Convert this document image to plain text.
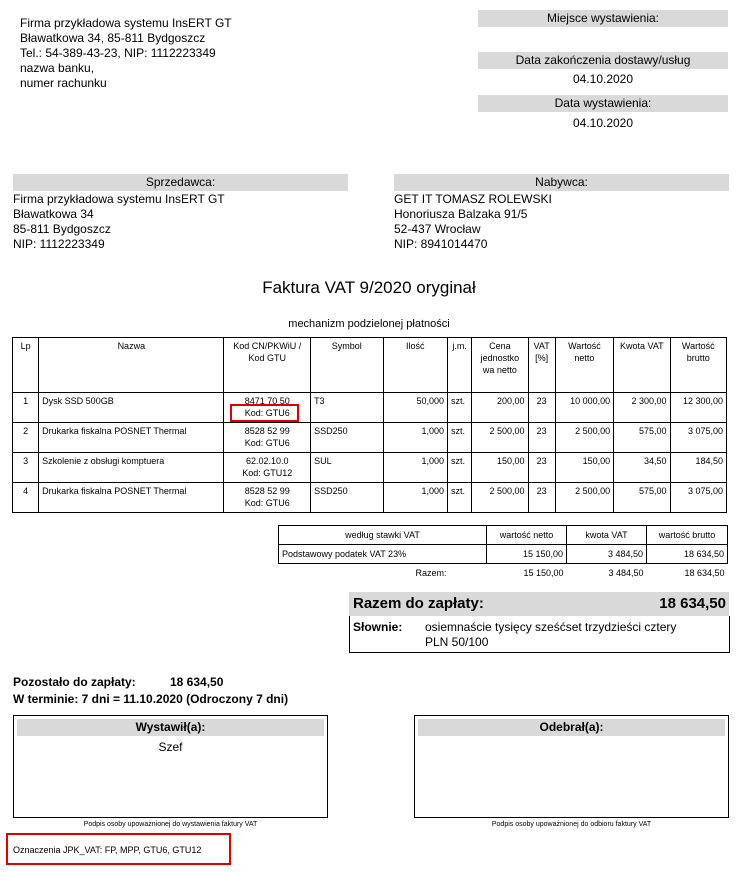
Firma przykładowa systemu InsERT GT
Bławatkowa 34, 85-811 Bydgoszcz
Tel.: 54-389-43-23, NIP: 1112223349
nazwa banku,
numer rachunku
Miejsce wystawienia:
Data zakończenia dostawy/usług
04.10.2020
Data wystawienia:
04.10.2020
Sprzedawca:
Firma przykładowa systemu InsERT GT
Bławatkowa 34
85-811 Bydgoszcz
NIP: 1112223349
Nabywca:
GET IT TOMASZ ROLEWSKI
Honoriusza Balzaka 91/5
52-437 Wrocław
NIP: 8941014470
Faktura VAT 9/2020 oryginał
mechanizm podzielonej płatności
Lp	Nazwa	Kod CN/PKWiU / Kod GTU	Symbol	Ilość	j.m.	Cena jednostko wa netto	VAT [%]	Wartość netto	Kwota VAT	Wartość brutto
1	Dysk SSD 500GB	8471 70 50
Kod: GTU6	T3	50,000	szt.	200,00	23	10 000,00	2 300,00	12 300,00
2	Drukarka fiskalna POSNET Thermal	8528 52 99
Kod: GTU6	SSD250	1,000	szt.	2 500,00	23	2 500,00	575,00	3 075,00
3	Szkolenie z obsługi komptuera	62.02.10.0
Kod: GTU12	SUL	1,000	szt.	150,00	23	150,00	34,50	184,50
4	Drukarka fiskalna POSNET Thermal	8528 52 99
Kod: GTU6	SSD250	1,000	szt.	2 500,00	23	2 500,00	575,00	3 075,00
według stawki VAT	wartość netto	kwota VAT	wartość brutto
Podstawowy podatek VAT 23%	15 150,00	3 484,50	18 634,50
Razem:	15 150,00	3 484,50	18 634,50
Razem do zapłaty:	18 634,50
Słownie: osiemnaście tysięcy sześćset trzydzieści cztery
PLN 50/100
Pozostało do zapłaty:	18 634,50
W terminie: 7 dni = 11.10.2020 (Odroczony 7 dni)
Wystawił(a):
Szef
Podpis osoby upoważnionej do wystawienia faktury VAT
Odebrał(a):
Podpis osoby upoważnionej do odbioru faktury VAT
Oznaczenia JPK_VAT: FP, MPP, GTU6, GTU12
